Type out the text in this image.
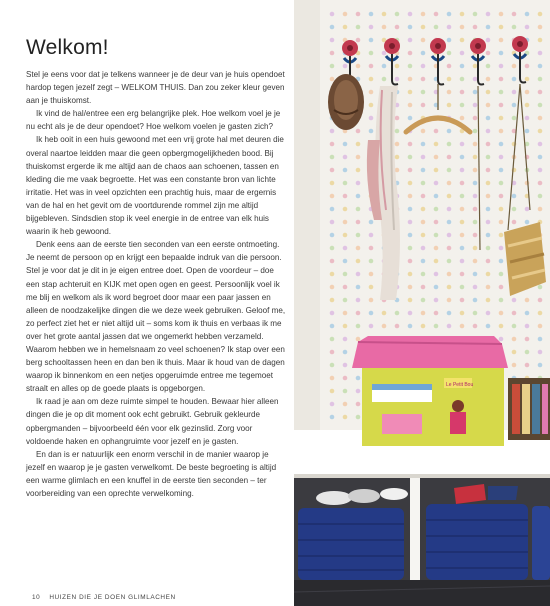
Welkom!

Stel je eens voor dat je telkens wanneer je de deur van je huis opendoet hardop tegen jezelf zegt – WELKOM THUIS. Dan zou zeker kleur geven aan je thuiskomst.

Ik vind de hal/entree een erg belangrijke plek. Hoe welkom voel je je nu echt als je de deur opendoet? Hoe welkom voelen je gasten zich?

Ik heb ooit in een huis gewoond met een vrij grote hal met deuren die overal naartoe leidden maar die geen opbergmogelijkheden bood. Bij thuiskomst ergerde ik me altijd aan de chaos aan schoenen, tassen en kleding die me vaak begroette. Het was een constante bron van lichte irritatie. Het was in veel opzichten een prachtig huis, maar de ergernis van de hal en het gevit om de voortdurende rommel zijn me altijd bijgebleven. Sindsdien stop ik veel energie in de entree van elk huis waarin ik heb gewoond.

Denk eens aan de eerste tien seconden van een eerste ontmoeting. Je neemt de persoon op en krijgt een bepaalde indruk van die persoon. Stel je voor dat je dit in je eigen entree doet. Open de voordeur – doe een stap achteruit en KIJK met open ogen en geest. Persoonlijk voel ik me blij en welkom als ik word begroet door maar een paar jassen en alleen de noodzakelijke dingen die we deze week gebruiken. Geloof me, zo perfect ziet het er niet altijd uit – soms kom ik thuis en verbaas ik me over het grote aantal jassen dat we ongemerkt hebben verzameld. Waarom hebben we in hemelsnaam zo veel schoenen? Ik stap over een berg schooltassen heen en dan ben ik thuis. Maar ik houd van de dagen waarop ik binnenkom en een netjes opgeruimde entree me tegemoet straalt en alles op de goede plaats is opgeborgen.

Ik raad je aan om deze ruimte simpel te houden. Bewaar hier alleen dingen die je op dit moment ook echt gebruikt. Gebruik gekleurde opbergmanden – bijvoorbeeld één voor elk gezinslid. Zorg voor voldoende haken en ophangruimte voor jezelf en je gasten.

En dan is er natuurlijk een enorm verschil in de manier waarop je jezelf en waarop je je gasten verwelkomt. De beste begroeting is altijd een warme glimlach en een knuffel in de eerste tien seconden – ter voorbereiding van een oprechte verwelkoming.

10 HUIZEN DIE JE DOEN GLIMLACHEN
Le Petit Bou
